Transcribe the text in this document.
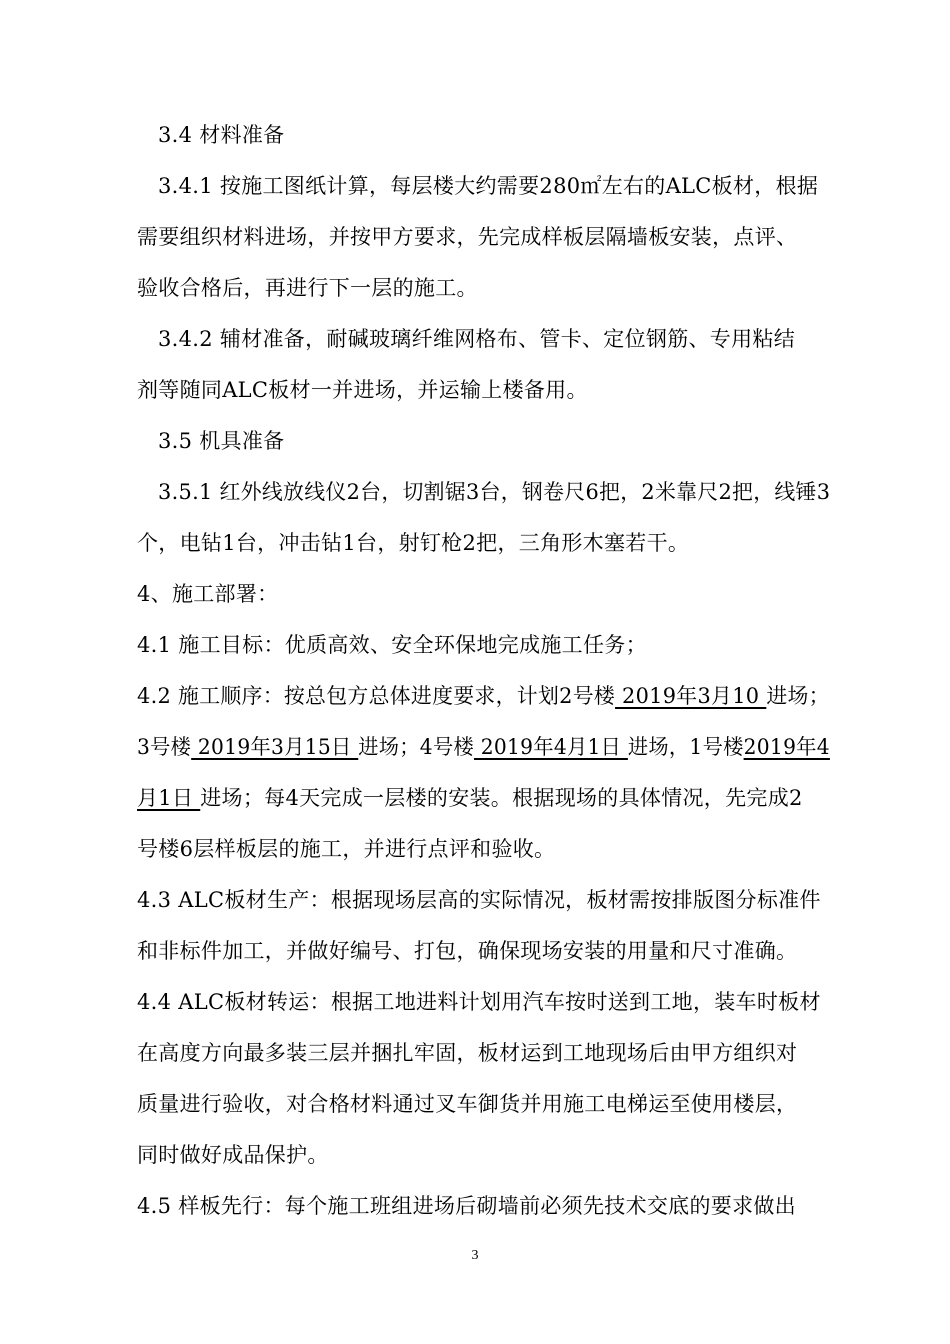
3.4 材料准备
3.4.1 按施工图纸计算，每层楼大约需要280㎡左右的ALC板材，根据
需要组织材料进场，并按甲方要求，先完成样板层隔墙板安装，点评、
验收合格后，再进行下一层的施工。
3.4.2 辅材准备，耐碱玻璃纤维网格布、管卡、定位钢筋、专用粘结
剂等随同ALC板材一并进场，并运输上楼备用。
3.5 机具准备
3.5.1 红外线放线仪2台，切割锯3台，钢卷尺6把，2米靠尺2把，线锤3
个，电钻1台，冲击钻1台，射钉枪2把，三角形木塞若干。
4、施工部署：
4.1 施工目标：优质高效、安全环保地完成施工任务；
4.2 施工顺序：按总包方总体进度要求，计划2号楼 2019年3月10 进场；
3号楼 2019年3月15日 进场；4号楼 2019年4月1日 进场，1号楼2019年4
月1日 进场；每4天完成一层楼的安装。根据现场的具体情况，先完成2
号楼6层样板层的施工，并进行点评和验收。
4.3 ALC板材生产：根据现场层高的实际情况，板材需按排版图分标准件
和非标件加工，并做好编号、打包，确保现场安装的用量和尺寸准确。
4.4 ALC板材转运：根据工地进料计划用汽车按时送到工地，装车时板材
在高度方向最多装三层并捆扎牢固，板材运到工地现场后由甲方组织对
质量进行验收，对合格材料通过叉车御货并用施工电梯运至使用楼层，
同时做好成品保护。
4.5 样板先行：每个施工班组进场后砌墙前必须先技术交底的要求做出
3
